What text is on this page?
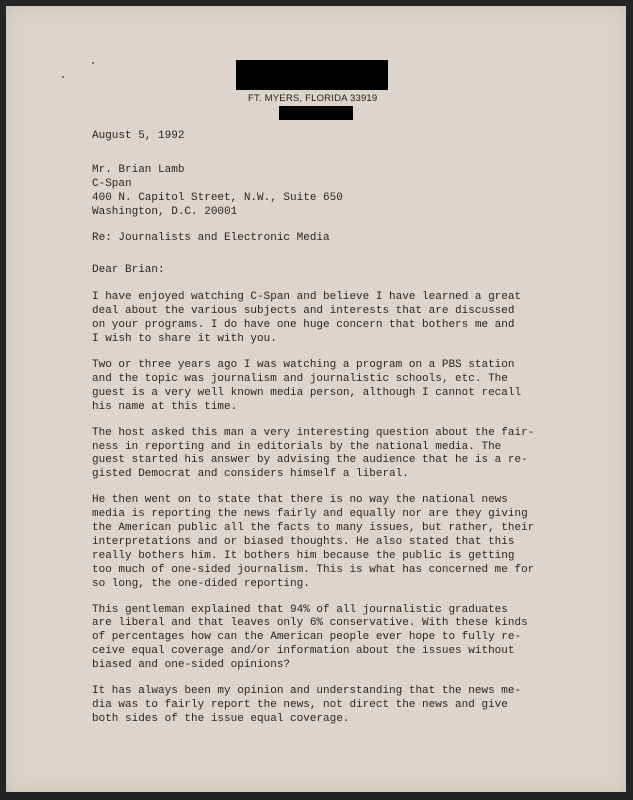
FT. MYERS, FLORIDA 33919
August 5, 1992
Mr. Brian Lamb
C-Span
400 N. Capitol Street, N.W., Suite 650
Washington, D.C. 20001
Re: Journalists and Electronic Media
Dear Brian:
I have enjoyed watching C-Span and believe I have learned a great
deal about the various subjects and interests that are discussed
on your programs. I do have one huge concern that bothers me and
I wish to share it with you.
Two or three years ago I was watching a program on a PBS station
and the topic was journalism and journalistic schools, etc. The
guest is a very well known media person, although I cannot recall
his name at this time.
The host asked this man a very interesting question about the fair-
ness in reporting and in editorials by the national media. The
guest started his answer by advising the audience that he is a re-
gisted Democrat and considers himself a liberal.
He then went on to state that there is no way the national news
media is reporting the news fairly and equally nor are they giving
the American public all the facts to many issues, but rather, their
interpretations and or biased thoughts. He also stated that this
really bothers him. It bothers him because the public is getting
too much of one-sided journalism. This is what has concerned me for
so long, the one-dided reporting.
This gentleman explained that 94% of all journalistic graduates
are liberal and that leaves only 6% conservative. With these kinds
of percentages how can the American people ever hope to fully re-
ceive equal coverage and/or information about the issues without
biased and one-sided opinions?
It has always been my opinion and understanding that the news me-
dia was to fairly report the news, not direct the news and give
both sides of the issue equal coverage.
